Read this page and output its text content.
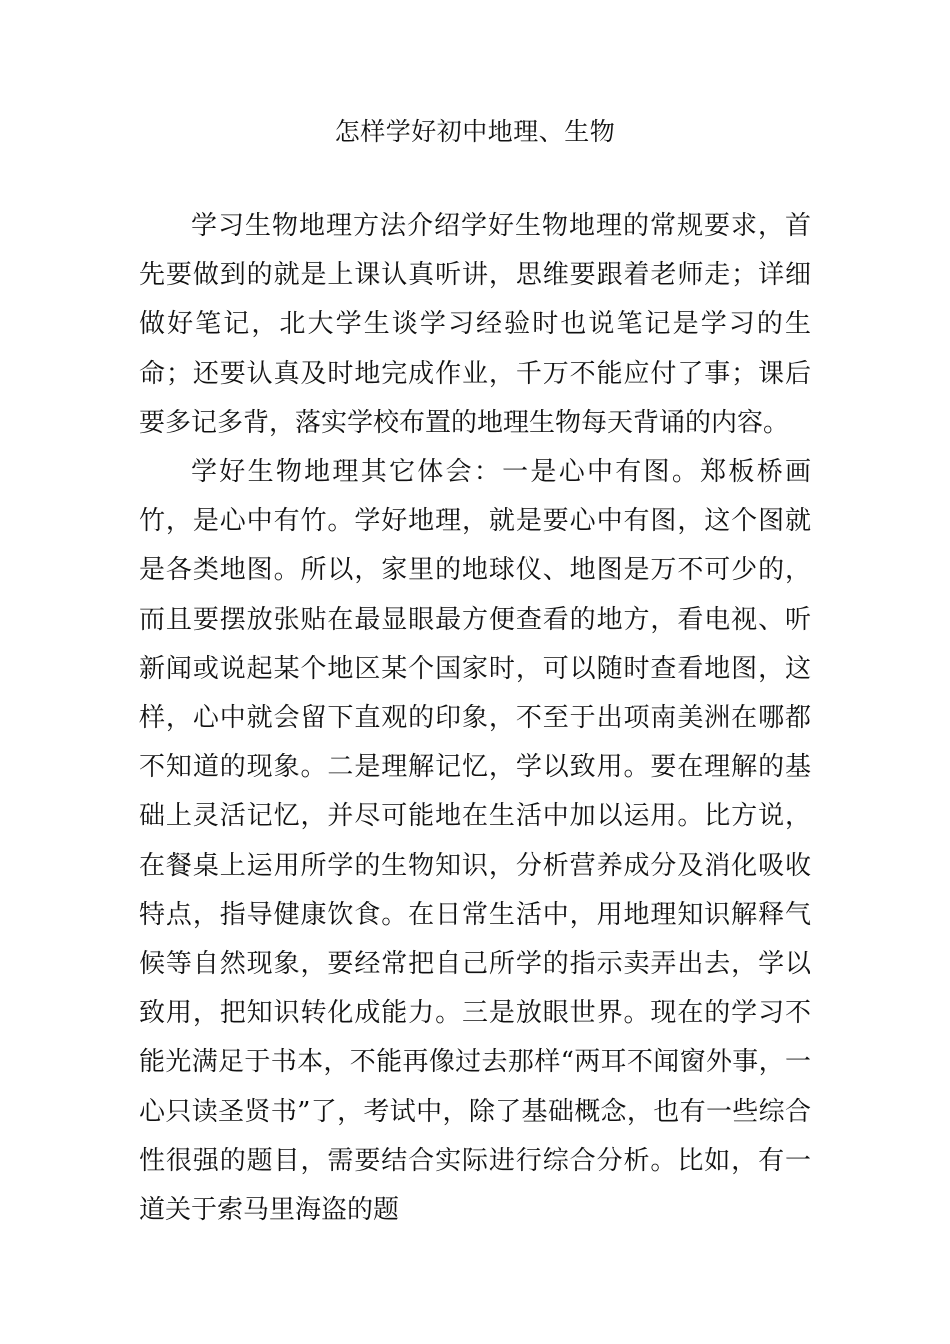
怎样学好初中地理、生物

学习生物地理方法介绍学好生物地理的常规要求，首先要做到的就是上课认真听讲，思维要跟着老师走；详细做好笔记，北大学生谈学习经验时也说笔记是学习的生命；还要认真及时地完成作业，千万不能应付了事；课后要多记多背，落实学校布置的地理生物每天背诵的内容。

学好生物地理其它体会：一是心中有图。郑板桥画竹，是心中有竹。学好地理，就是要心中有图，这个图就是各类地图。所以，家里的地球仪、地图是万不可少的，而且要摆放张贴在最显眼最方便查看的地方，看电视、听新闻或说起某个地区某个国家时，可以随时查看地图，这样，心中就会留下直观的印象，不至于出项南美洲在哪都不知道的现象。二是理解记忆，学以致用。要在理解的基础上灵活记忆，并尽可能地在生活中加以运用。比方说，在餐桌上运用所学的生物知识，分析营养成分及消化吸收特点，指导健康饮食。在日常生活中，用地理知识解释气候等自然现象，要经常把自己所学的指示卖弄出去，学以致用，把知识转化成能力。三是放眼世界。现在的学习不能光满足于书本，不能再像过去那样“两耳不闻窗外事，一心只读圣贤书”了，考试中，除了基础概念，也有一些综合性很强的题目，需要结合实际进行综合分析。比如，有一道关于索马里海盗的题
